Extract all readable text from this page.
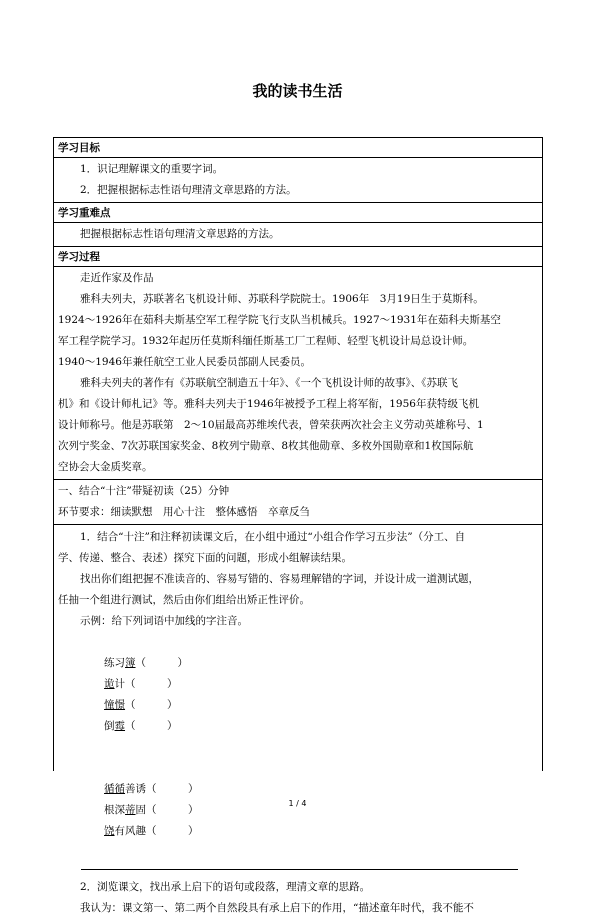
我的读书生活
学习目标
1．识记理解课文的重要字词。
2．把握根据标志性语句理清文章思路的方法。
学习重难点
把握根据标志性语句理清文章思路的方法。
学习过程
走近作家及作品
雅科夫列夫，苏联著名飞机设计师、苏联科学院院士。1906年　3月19日生于莫斯科。
1924～1926年在茹科夫斯基空军工程学院飞行支队当机械兵。1927～1931年在茹科夫斯基空
军工程学院学习。1932年起历任莫斯科缅任斯基工厂工程师、轻型飞机设计局总设计师。
1940～1946年兼任航空工业人民委员部副人民委员。
雅科夫列夫的著作有《苏联航空制造五十年》、《一个飞机设计师的故事》、《苏联飞
机》和《设计师札记》等。雅科夫列夫于1946年被授予工程上将军衔，1956年获特级飞机
设计师称号。他是苏联第　2～10届最高苏维埃代表，曾荣获两次社会主义劳动英雄称号、1
次列宁奖金、7次苏联国家奖金、8枚列宁勋章、8枚其他勋章、多枚外国勋章和1枚国际航
空协会大金质奖章。
一、结合“十注”带疑初读（25）分钟
环节要求：细读默想　用心十注　整体感悟　卒章反刍
1．结合“十注”和注释初读课文后，在小组中通过“小组合作学习五步法”（分工、自
学、传递、整合、表述）探究下面的问题，形成小组解读结果。
找出你们组把握不准读音的、容易写错的、容易理解错的字词，并设计成一道测试题，
任抽一个组进行测试，然后由你们组给出矫正性评价。
示例：给下列词语中加线的字注音。

练习簿（　　　）
诡计（　　　）
憧憬（　　　）
倒霉（　　　）

循循善诱（　　　）
根深蒂固（　　　）
饶有风趣（　　　）

2．浏览课文，找出承上启下的语句或段落，理清文章的思路。
我认为：课文第一、第二两个自然段具有承上启下的作用，“描述童年时代，我不能不
1 / 4
